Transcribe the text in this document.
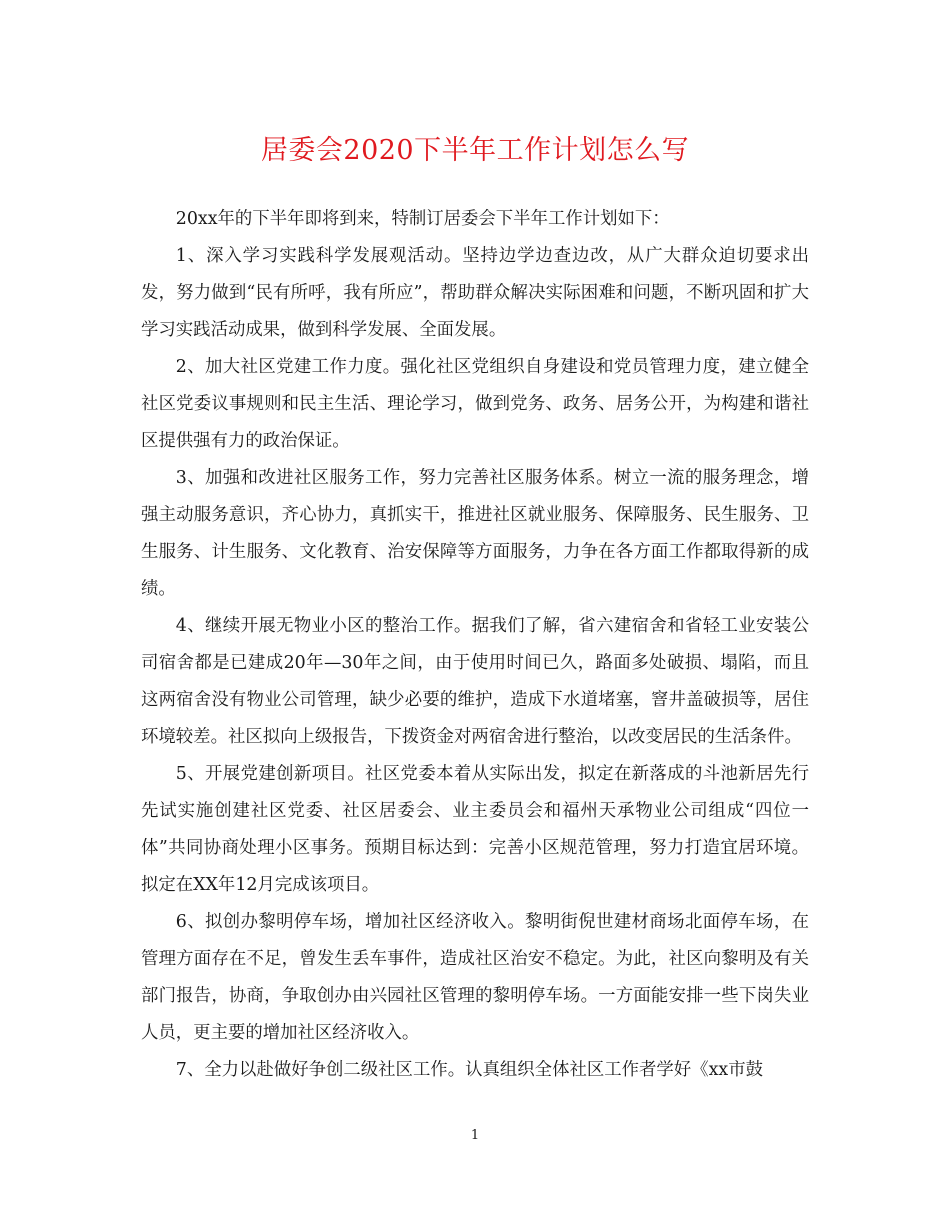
居委会2020下半年工作计划怎么写

20xx年的下半年即将到来，特制订居委会下半年工作计划如下：

1、深入学习实践科学发展观活动。坚持边学边查边改，从广大群众迫切要求出发，努力做到“民有所呼，我有所应”，帮助群众解决实际困难和问题，不断巩固和扩大学习实践活动成果，做到科学发展、全面发展。

2、加大社区党建工作力度。强化社区党组织自身建设和党员管理力度，建立健全社区党委议事规则和民主生活、理论学习，做到党务、政务、居务公开，为构建和谐社区提供强有力的政治保证。

3、加强和改进社区服务工作，努力完善社区服务体系。树立一流的服务理念，增强主动服务意识，齐心协力，真抓实干，推进社区就业服务、保障服务、民生服务、卫生服务、计生服务、文化教育、治安保障等方面服务，力争在各方面工作都取得新的成绩。

4、继续开展无物业小区的整治工作。据我们了解，省六建宿舍和省轻工业安装公司宿舍都是已建成20年—30年之间，由于使用时间已久，路面多处破损、塌陷，而且这两宿舍没有物业公司管理，缺少必要的维护，造成下水道堵塞，窨井盖破损等，居住环境较差。社区拟向上级报告，下拨资金对两宿舍进行整治，以改变居民的生活条件。

5、开展党建创新项目。社区党委本着从实际出发，拟定在新落成的斗池新居先行先试实施创建社区党委、社区居委会、业主委员会和福州天承物业公司组成“四位一体”共同协商处理小区事务。预期目标达到：完善小区规范管理，努力打造宜居环境。拟定在XX年12月完成该项目。

6、拟创办黎明停车场，增加社区经济收入。黎明街倪世建材商场北面停车场，在管理方面存在不足，曾发生丢车事件，造成社区治安不稳定。为此，社区向黎明及有关部门报告，协商，争取创办由兴园社区管理的黎明停车场。一方面能安排一些下岗失业人员，更主要的增加社区经济收入。

7、全力以赴做好争创二级社区工作。认真组织全体社区工作者学好《xx市鼓

1
